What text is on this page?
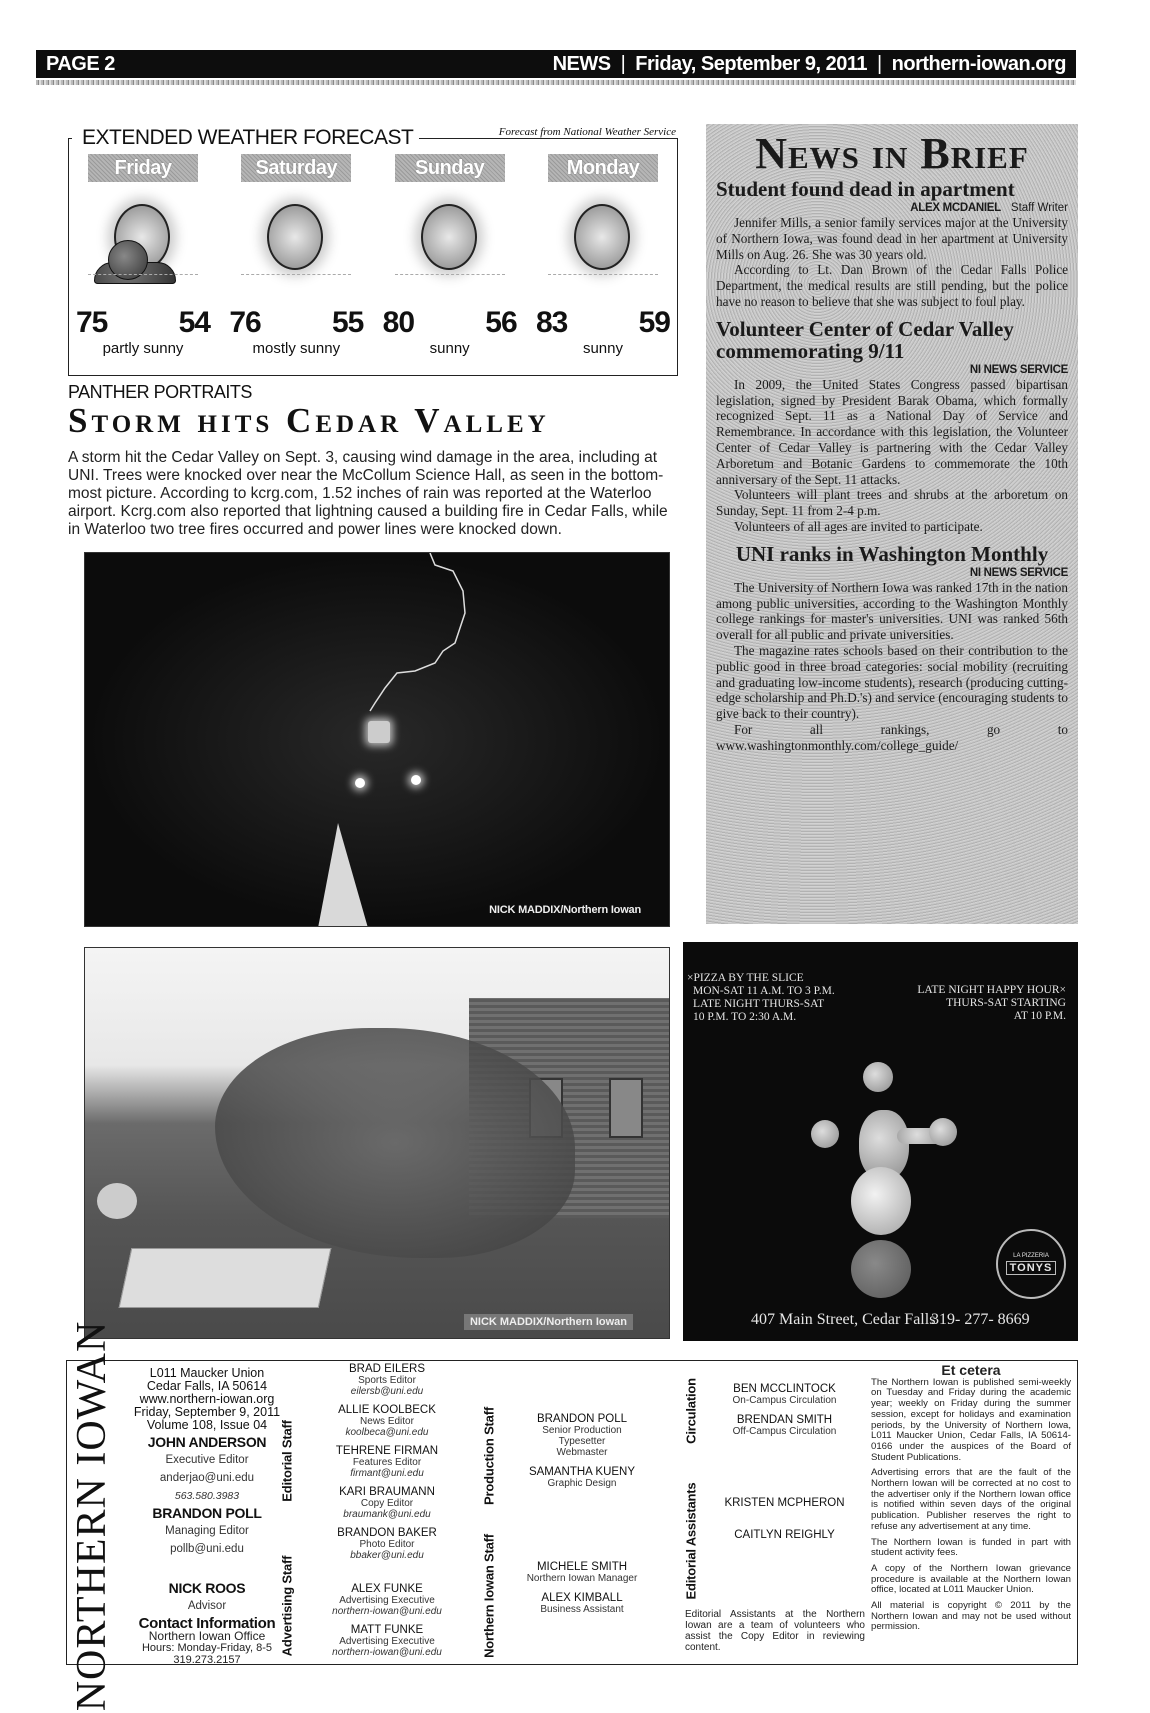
PAGE 2	NEWS | Friday, September 9, 2011 | northern-iowan.org
EXTENDED WEATHER FORECAST	Forecast from National Weather Service
Friday
75 54
partly sunny
Saturday
76 55
mostly sunny
Sunday
80 56
sunny
Monday
83 59
sunny
PANTHER PORTRAITS
Storm hits Cedar Valley
A storm hit the Cedar Valley on Sept. 3, causing wind damage in the area, including at UNI. Trees were knocked over near the McCollum Science Hall, as seen in the bottom-most picture. According to kcrg.com, 1.52 inches of rain was reported at the Waterloo airport. Kcrg.com also reported that lightning caused a building fire in Cedar Falls, while in Waterloo two tree fires occurred and power lines were knocked down.
NICK MADDIX/Northern Iowan
NICK MADDIX/Northern Iowan
News in Brief
Student found dead in apartment
ALEX MCDANIEL Staff Writer

Jennifer Mills, a senior family services major at the University of Northern Iowa, was found dead in her apartment at University Mills on Aug. 26. She was 30 years old.

According to Lt. Dan Brown of the Cedar Falls Police Department, the medical results are still pending, but the police have no reason to believe that she was subject to foul play.

Volunteer Center of Cedar Valley commemorating 9/11
NI NEWS SERVICE

In 2009, the United States Congress passed bipartisan legislation, signed by President Barak Obama, which formally recognized Sept. 11 as a National Day of Service and Remembrance. In accordance with this legislation, the Volunteer Center of Cedar Valley is partnering with the Cedar Valley Arboretum and Botanic Gardens to commemorate the 10th anniversary of the Sept. 11 attacks.

Volunteers will plant trees and shrubs at the arboretum on Sunday, Sept. 11 from 2-4 p.m.

Volunteers of all ages are invited to participate.

UNI ranks in Washington Monthly
NI NEWS SERVICE

The University of Northern Iowa was ranked 17th in the nation among public universities, according to the Washington Monthly college rankings for master's universities. UNI was ranked 56th overall for all public and private universities.

The magazine rates schools based on their contribution to the public good in three broad categories: social mobility (recruiting and graduating low-income students), research (producing cutting-edge scholarship and Ph.D.'s) and service (encouraging students to give back to their country).

For all rankings, go to www.washingtonmonthly.com/college_guide/

×PIZZA BY THE SLICE
MON-SAT 11 A.M. TO 3 P.M.
LATE NIGHT THURS-SAT
10 P.M. TO 2:30 A.M.
LATE NIGHT HAPPY HOUR×
THURS-SAT STARTING
AT 10 P.M.
LA PIZZERIA
TONYS
407 Main Street, Cedar Falls
319- 277- 8669
NORTHERN IOWAN	L011 Maucker Union
Cedar Falls, IA 50614
www.northern-iowan.org
Friday, September 9, 2011
Volume 108, Issue 04
JOHN ANDERSON
Executive Editor
anderjao@uni.edu
563.580.3983
BRANDON POLL
Managing Editor
pollb@uni.edu
NICK ROOS
Advisor
Contact Information
Northern Iowan Office
Hours: Monday-Friday, 8-5
319.273.2157
Editorial Staff
Advertising Staff
BRAD EILERS
Sports Editor
eilersb@uni.edu
ALLIE KOOLBECK
News Editor
koolbeca@uni.edu
TEHRENE FIRMAN
Features Editor
firmant@uni.edu
KARI BRAUMANN
Copy Editor
braumank@uni.edu
BRANDON BAKER
Photo Editor
bbaker@uni.edu
ALEX FUNKE
Advertising Executive
northern-iowan@uni.edu
MATT FUNKE
Advertising Executive
northern-iowan@uni.edu
Production Staff
Northern Iowan Staff
BRANDON POLL
Senior Production
Typesetter
Webmaster
SAMANTHA KUENY
Graphic Design
MICHELE SMITH
Northern Iowan Manager
ALEX KIMBALL
Business Assistant
Circulation
Editorial Assistants
BEN MCCLINTOCK
On-Campus Circulation
BRENDAN SMITH
Off-Campus Circulation
KRISTEN MCPHERON
CAITLYN REIGHLY
Editorial Assistants at the Northern Iowan are a team of volunteers who assist the Copy Editor in reviewing content.
Et cetera

The Northern Iowan is published semi-weekly on Tuesday and Friday during the academic year; weekly on Friday during the summer session, except for holidays and examination periods, by the University of Northern Iowa, L011 Maucker Union, Cedar Falls, IA 50614-0166 under the auspices of the Board of Student Publications.

Advertising errors that are the fault of the Northern Iowan will be corrected at no cost to the advertiser only if the Northern Iowan office is notified within seven days of the original publication. Publisher reserves the right to refuse any advertisement at any time.

The Northern Iowan is funded in part with student activity fees.

A copy of the Northern Iowan grievance procedure is available at the Northern Iowan office, located at L011 Maucker Union.

All material is copyright © 2011 by the Northern Iowan and may not be used without permission.
